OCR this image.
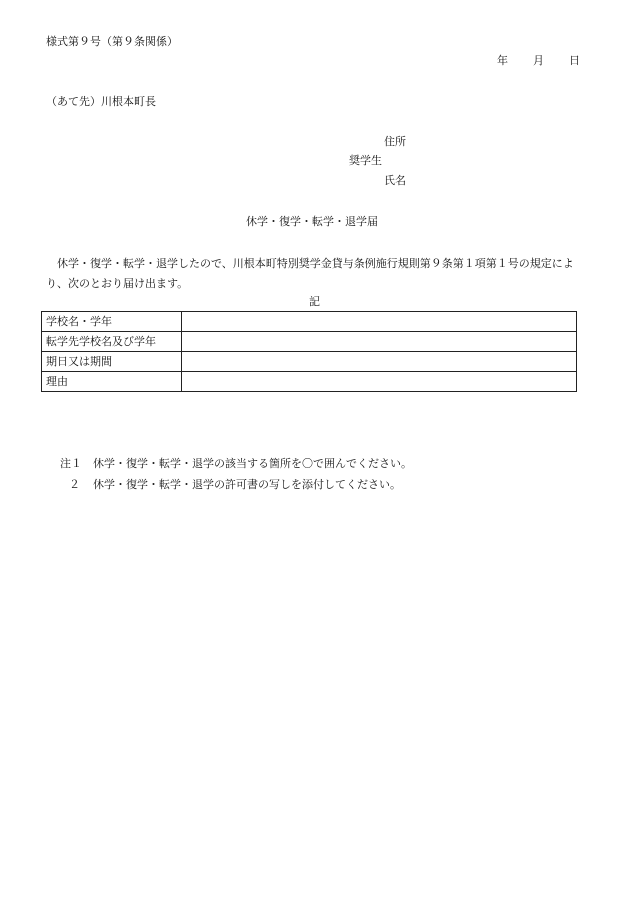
様式第９号（第９条関係）
年	月	日
（あて先）川根本町長
住所
奨学生
氏名
休学・復学・転学・退学届
休学・復学・転学・退学したので、川根本町特別奨学金貸与条例施行規則第９条第１項第１号の規定により、次のとおり届け出ます。
記
学校名・学年	
転学先学校名及び学年	
期日又は期間	
理由	
注１ 休学・復学・転学・退学の該当する箇所を〇で囲んでください。
２ 休学・復学・転学・退学の許可書の写しを添付してください。
